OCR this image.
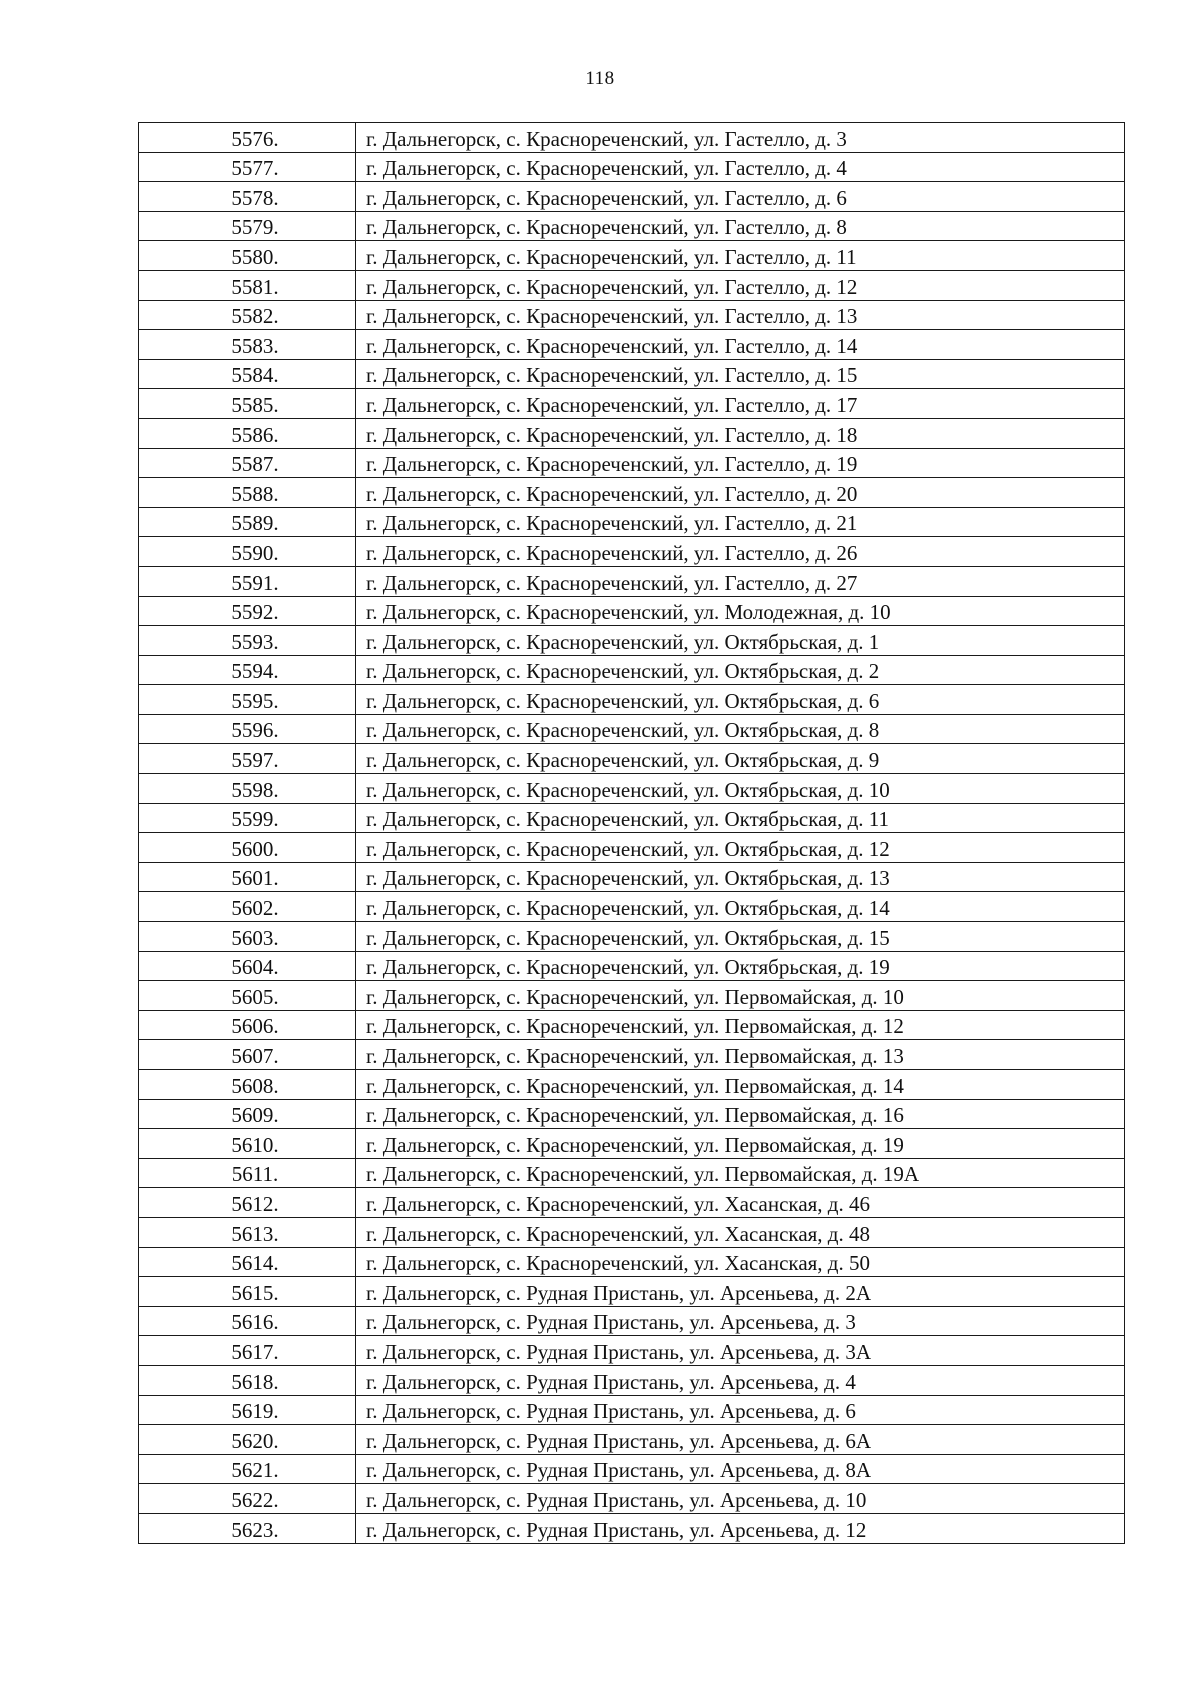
118
5576.	г. Дальнегорск, с. Краснореченский, ул. Гастелло, д. 3
5577.	г. Дальнегорск, с. Краснореченский, ул. Гастелло, д. 4
5578.	г. Дальнегорск, с. Краснореченский, ул. Гастелло, д. 6
5579.	г. Дальнегорск, с. Краснореченский, ул. Гастелло, д. 8
5580.	г. Дальнегорск, с. Краснореченский, ул. Гастелло, д. 11
5581.	г. Дальнегорск, с. Краснореченский, ул. Гастелло, д. 12
5582.	г. Дальнегорск, с. Краснореченский, ул. Гастелло, д. 13
5583.	г. Дальнегорск, с. Краснореченский, ул. Гастелло, д. 14
5584.	г. Дальнегорск, с. Краснореченский, ул. Гастелло, д. 15
5585.	г. Дальнегорск, с. Краснореченский, ул. Гастелло, д. 17
5586.	г. Дальнегорск, с. Краснореченский, ул. Гастелло, д. 18
5587.	г. Дальнегорск, с. Краснореченский, ул. Гастелло, д. 19
5588.	г. Дальнегорск, с. Краснореченский, ул. Гастелло, д. 20
5589.	г. Дальнегорск, с. Краснореченский, ул. Гастелло, д. 21
5590.	г. Дальнегорск, с. Краснореченский, ул. Гастелло, д. 26
5591.	г. Дальнегорск, с. Краснореченский, ул. Гастелло, д. 27
5592.	г. Дальнегорск, с. Краснореченский, ул. Молодежная, д. 10
5593.	г. Дальнегорск, с. Краснореченский, ул. Октябрьская, д. 1
5594.	г. Дальнегорск, с. Краснореченский, ул. Октябрьская, д. 2
5595.	г. Дальнегорск, с. Краснореченский, ул. Октябрьская, д. 6
5596.	г. Дальнегорск, с. Краснореченский, ул. Октябрьская, д. 8
5597.	г. Дальнегорск, с. Краснореченский, ул. Октябрьская, д. 9
5598.	г. Дальнегорск, с. Краснореченский, ул. Октябрьская, д. 10
5599.	г. Дальнегорск, с. Краснореченский, ул. Октябрьская, д. 11
5600.	г. Дальнегорск, с. Краснореченский, ул. Октябрьская, д. 12
5601.	г. Дальнегорск, с. Краснореченский, ул. Октябрьская, д. 13
5602.	г. Дальнегорск, с. Краснореченский, ул. Октябрьская, д. 14
5603.	г. Дальнегорск, с. Краснореченский, ул. Октябрьская, д. 15
5604.	г. Дальнегорск, с. Краснореченский, ул. Октябрьская, д. 19
5605.	г. Дальнегорск, с. Краснореченский, ул. Первомайская, д. 10
5606.	г. Дальнегорск, с. Краснореченский, ул. Первомайская, д. 12
5607.	г. Дальнегорск, с. Краснореченский, ул. Первомайская, д. 13
5608.	г. Дальнегорск, с. Краснореченский, ул. Первомайская, д. 14
5609.	г. Дальнегорск, с. Краснореченский, ул. Первомайская, д. 16
5610.	г. Дальнегорск, с. Краснореченский, ул. Первомайская, д. 19
5611.	г. Дальнегорск, с. Краснореченский, ул. Первомайская, д. 19А
5612.	г. Дальнегорск, с. Краснореченский, ул. Хасанская, д. 46
5613.	г. Дальнегорск, с. Краснореченский, ул. Хасанская, д. 48
5614.	г. Дальнегорск, с. Краснореченский, ул. Хасанская, д. 50
5615.	г. Дальнегорск, с. Рудная Пристань, ул. Арсеньева, д. 2А
5616.	г. Дальнегорск, с. Рудная Пристань, ул. Арсеньева, д. 3
5617.	г. Дальнегорск, с. Рудная Пристань, ул. Арсеньева, д. 3А
5618.	г. Дальнегорск, с. Рудная Пристань, ул. Арсеньева, д. 4
5619.	г. Дальнегорск, с. Рудная Пристань, ул. Арсеньева, д. 6
5620.	г. Дальнегорск, с. Рудная Пристань, ул. Арсеньева, д. 6А
5621.	г. Дальнегорск, с. Рудная Пристань, ул. Арсеньева, д. 8А
5622.	г. Дальнегорск, с. Рудная Пристань, ул. Арсеньева, д. 10
5623.	г. Дальнегорск, с. Рудная Пристань, ул. Арсеньева, д. 12
